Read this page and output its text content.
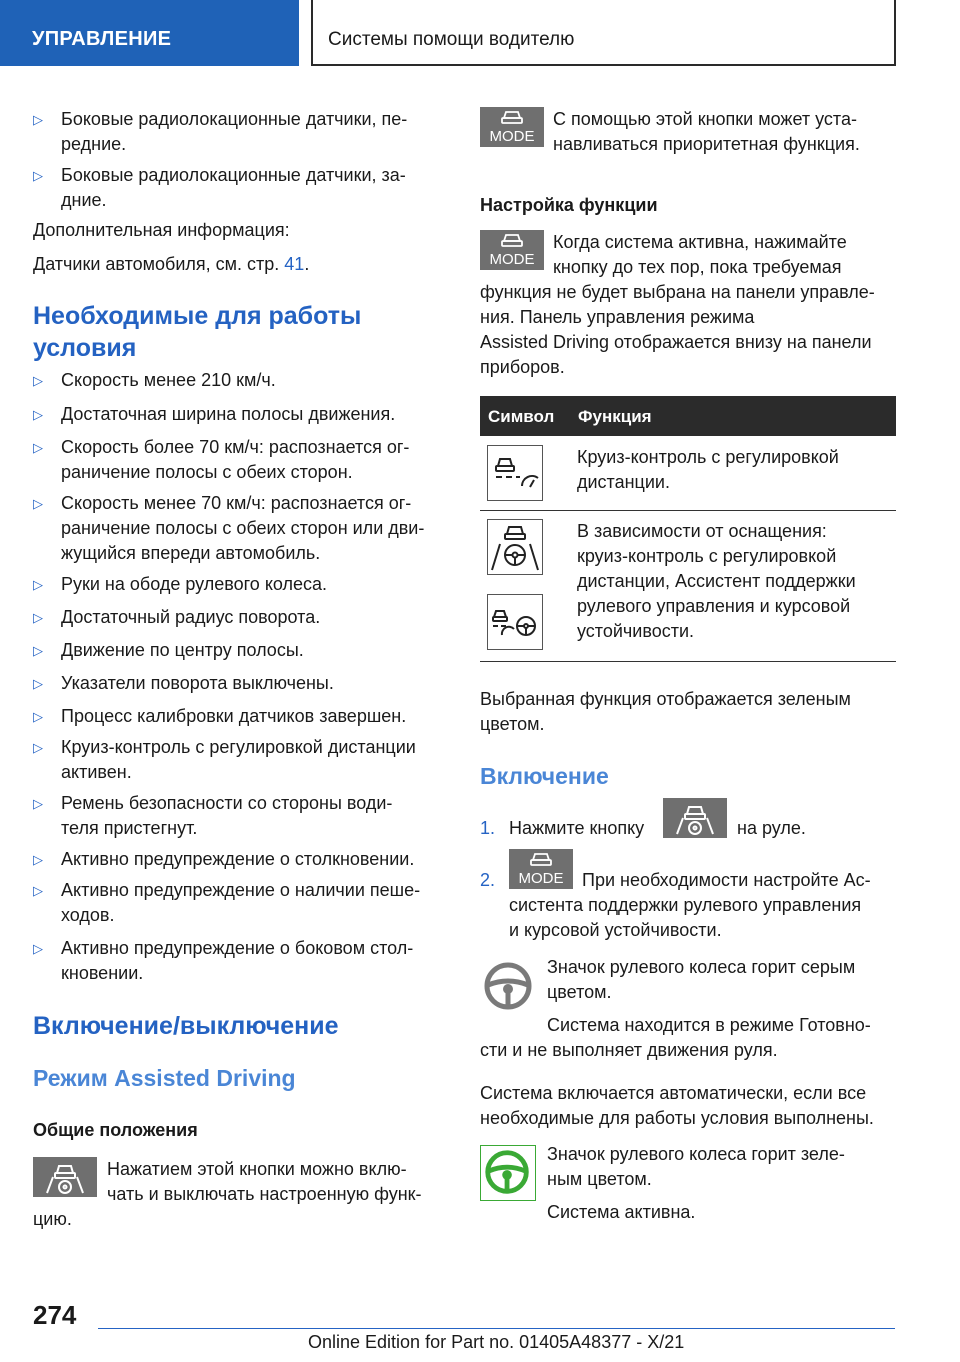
УПРАВЛЕНИЕ	Системы помощи водителю
▷	Боковые радиолокационные датчики, пе-
редние.
▷	Боковые радиолокационные датчики, за-
дние.
Дополнительная информация:
Датчики автомобиля, см. стр. 41.
Необходимые для работы
условия
▷	Скорость менее 210 км/ч.
▷	Достаточная ширина полосы движения.
▷	Скорость более 70 км/ч: распознается ог-
раничение полосы с обеих сторон.
▷	Скорость менее 70 км/ч: распознается ог-
раничение полосы с обеих сторон или дви-
жущийся впереди автомобиль.
▷	Руки на ободе рулевого колеса.
▷	Достаточный радиус поворота.
▷	Движение по центру полосы.
▷	Указатели поворота выключены.
▷	Процесс калибровки датчиков завершен.
▷	Круиз-контроль с регулировкой дистанции
активен.
▷	Ремень безопасности со стороны води-
теля пристегнут.
▷	Активно предупреждение о столкновении.
▷	Активно предупреждение о наличии пеше-
ходов.
▷	Активно предупреждение о боковом стол-
кновении.
Включение/выключение
Режим Assisted Driving
Общие положения
Нажатием этой кнопки можно вклю-
чать и выключать настроенную функ-
цию.
MODE
С помощью этой кнопки может уста-
навливаться приоритетная функция.
Настройка функции
MODE
Когда система активна, нажимайте
кнопку до тех пор, пока требуемая
функция не будет выбрана на панели управле-
ния. Панель управления режима
Assisted Driving отображается внизу на панели
приборов.
Символ Функция
Круиз-контроль с регулировкой
дистанции.
В зависимости от оснащения:
круиз-контроль с регулировкой
дистанции, Ассистент поддержки
рулевого управления и курсовой
устойчивости.
Выбранная функция отображается зеленым
цветом.
Включение
1. Нажмите кнопку	на руле.
2. MODE При необходимости настройте Ас-
систента поддержки рулевого управления
и курсовой устойчивости.
Значок рулевого колеса горит серым
цветом.
Система находится в режиме Готовно-
сти и не выполняет движения руля.
Система включается автоматически, если все
необходимые для работы условия выполнены.
Значок рулевого колеса горит зеле-
ным цветом.
Система активна.
274
Online Edition for Part no. 01405A48377 - X/21
